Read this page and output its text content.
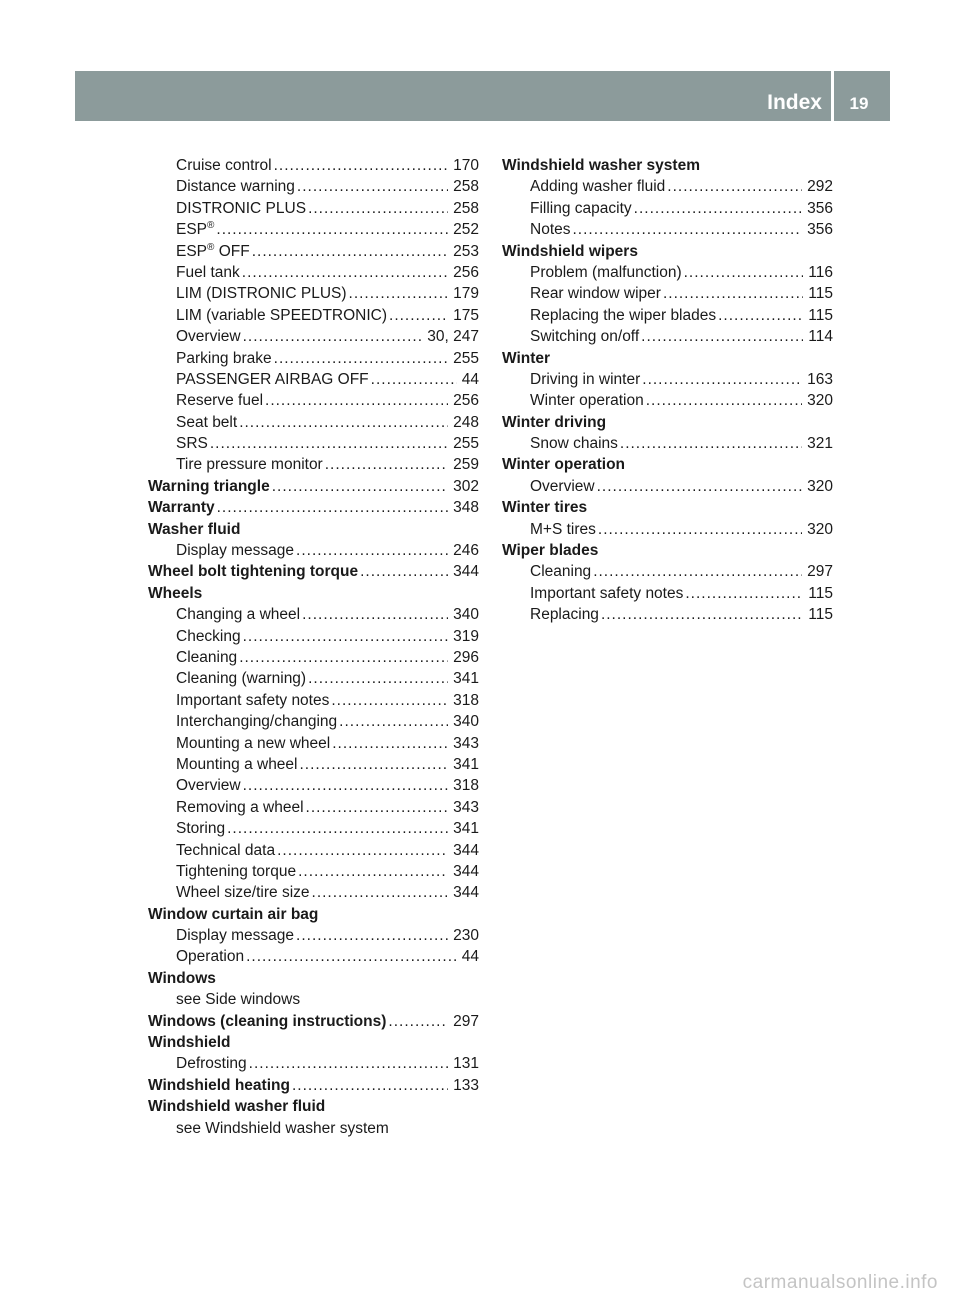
Index	19
Cruise control .....	170
Distance warning .....	258
DISTRONIC PLUS .....	258
ESP® .....	252
ESP® OFF .....	253
Fuel tank .....	256
LIM (DISTRONIC PLUS) .....	179
LIM (variable SPEEDTRONIC) .....	175
Overview .....	30, 247
Parking brake .....	255
PASSENGER AIRBAG OFF .....	44
Reserve fuel .....	256
Seat belt .....	248
SRS .....	255
Tire pressure monitor .....	259
Warning triangle .....	302
Warranty .....	348
Washer fluid
Display message .....	246
Wheel bolt tightening torque .....	344
Wheels
Changing a wheel .....	340
Checking .....	319
Cleaning .....	296
Cleaning (warning) .....	341
Important safety notes .....	318
Interchanging/changing .....	340
Mounting a new wheel .....	343
Mounting a wheel .....	341
Overview .....	318
Removing a wheel .....	343
Storing .....	341
Technical data .....	344
Tightening torque .....	344
Wheel size/tire size .....	344
Window curtain air bag
Display message .....	230
Operation .....	44
Windows
see Side windows
Windows (cleaning instructions) .....	297
Windshield
Defrosting .....	131
Windshield heating .....	133
Windshield washer fluid
see Windshield washer system
Windshield washer system
Adding washer fluid .....	292
Filling capacity .....	356
Notes .....	356
Windshield wipers
Problem (malfunction) .....	116
Rear window wiper .....	115
Replacing the wiper blades .....	115
Switching on/off .....	114
Winter
Driving in winter .....	163
Winter operation .....	320
Winter driving
Snow chains .....	321
Winter operation
Overview .....	320
Winter tires
M+S tires .....	320
Wiper blades
Cleaning .....	297
Important safety notes .....	115
Replacing .....	115
carmanualsonline.info
